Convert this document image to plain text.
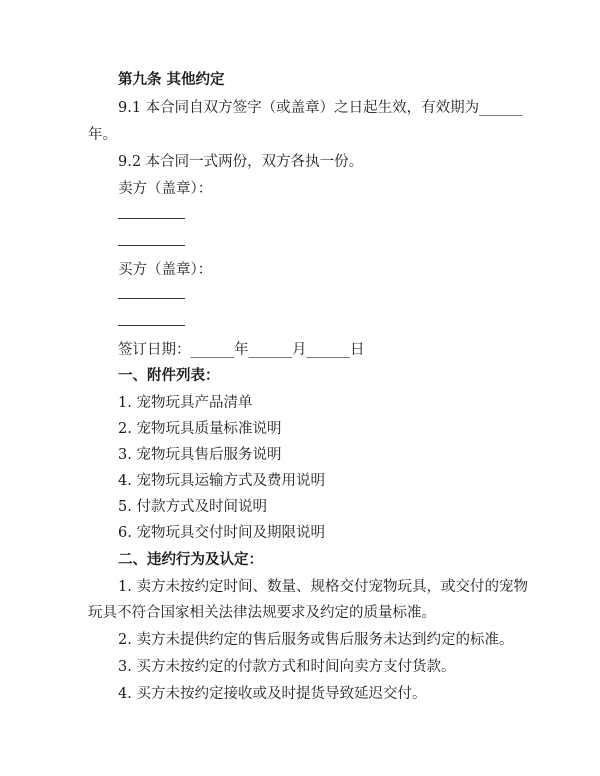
第九条 其他约定
9.1 本合同自双方签字（或盖章）之日起生效，有效期为______
年。
9.2 本合同一式两份，双方各执一份。
卖方（盖章）：
买方（盖章）：
签订日期：______年______月______日
一、附件列表：
1. 宠物玩具产品清单
2. 宠物玩具质量标准说明
3. 宠物玩具售后服务说明
4. 宠物玩具运输方式及费用说明
5. 付款方式及时间说明
6. 宠物玩具交付时间及期限说明
二、违约行为及认定：
1. 卖方未按约定时间、数量、规格交付宠物玩具，或交付的宠物
玩具不符合国家相关法律法规要求及约定的质量标准。
2. 卖方未提供约定的售后服务或售后服务未达到约定的标准。
3. 买方未按约定的付款方式和时间向卖方支付货款。
4. 买方未按约定接收或及时提货导致延迟交付。
